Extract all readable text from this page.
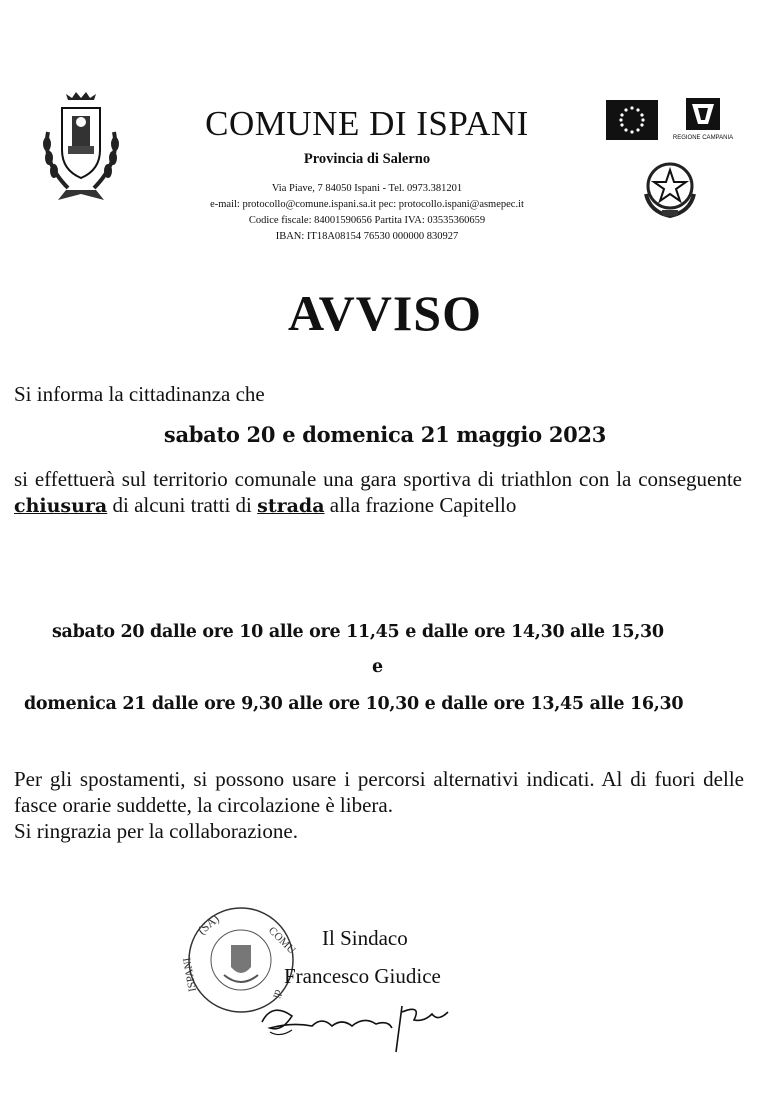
COMUNE DI ISPANI
Provincia di Salerno
Via Piave, 7 84050 Ispani - Tel. 0973.381201
e-mail: protocollo@comune.ispani.sa.it pec: protocollo.ispani@asmepec.it
Codice fiscale: 84001590656 Partita IVA: 03535360659
IBAN: IT18A08154 76530 000000 830927
REGIONE CAMPANIA
AVVISO
Si informa la cittadinanza che
sabato 20 e domenica 21 maggio 2023
si effettuerà sul territorio comunale una gara sportiva di triathlon con la conseguente chiusura di alcuni tratti di strada alla frazione Capitello
sabato 20 dalle ore 10 alle ore 11,45 e dalle ore 14,30 alle 15,30
e
domenica 21 dalle ore 9,30 alle ore 10,30 e dalle ore 13,45 alle 16,30
Per gli spostamenti, si possono usare i percorsi alternativi indicati. Al di fuori delle fasce orarie suddette, la circolazione è libera.
Si ringrazia per la collaborazione.
(SA)
COMU
ISPANI
di
Il Sindaco
Francesco Giudice
